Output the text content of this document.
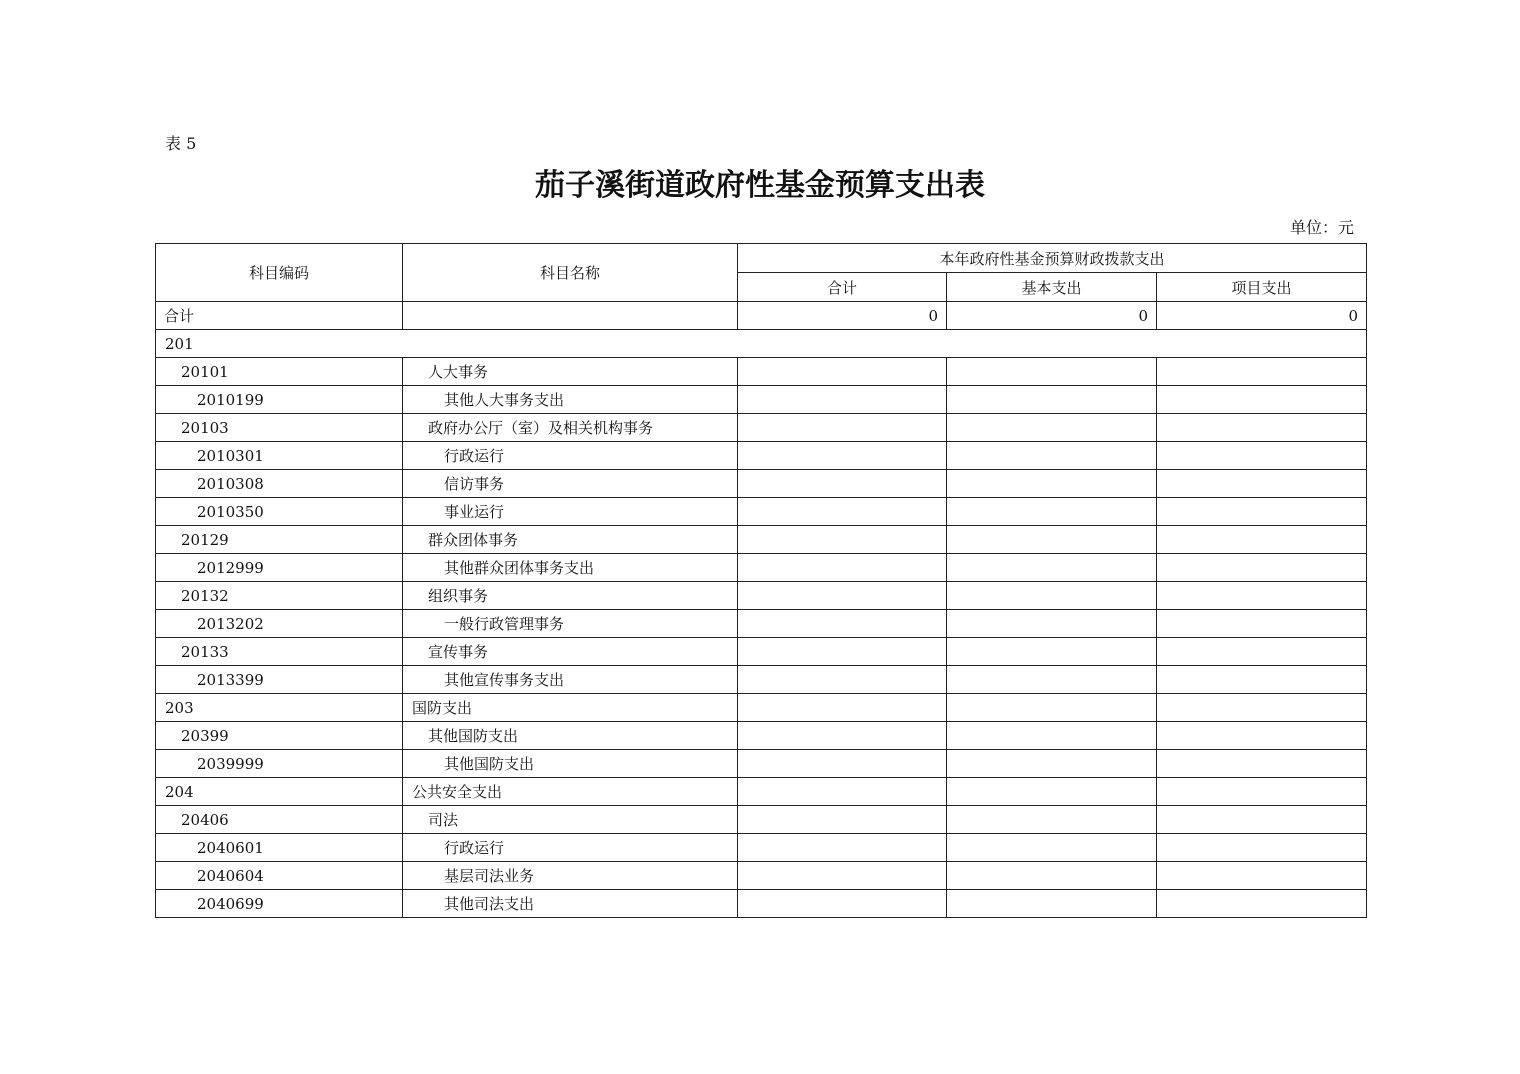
表 5
茄子溪街道政府性基金预算支出表
单位：元
科目编码	科目名称	本年政府性基金预算财政拨款支出		
		合计	基本支出	项目支出
合计		0	0	0
201				
20101	人大事务			
2010199	其他人大事务支出			
20103	政府办公厅（室）及相关机构事务			
2010301	行政运行			
2010308	信访事务			
2010350	事业运行			
20129	群众团体事务			
2012999	其他群众团体事务支出			
20132	组织事务			
2013202	一般行政管理事务			
20133	宣传事务			
2013399	其他宣传事务支出			
203	国防支出			
20399	其他国防支出			
2039999	其他国防支出			
204	公共安全支出			
20406	司法			
2040601	行政运行			
2040604	基层司法业务			
2040699	其他司法支出			
